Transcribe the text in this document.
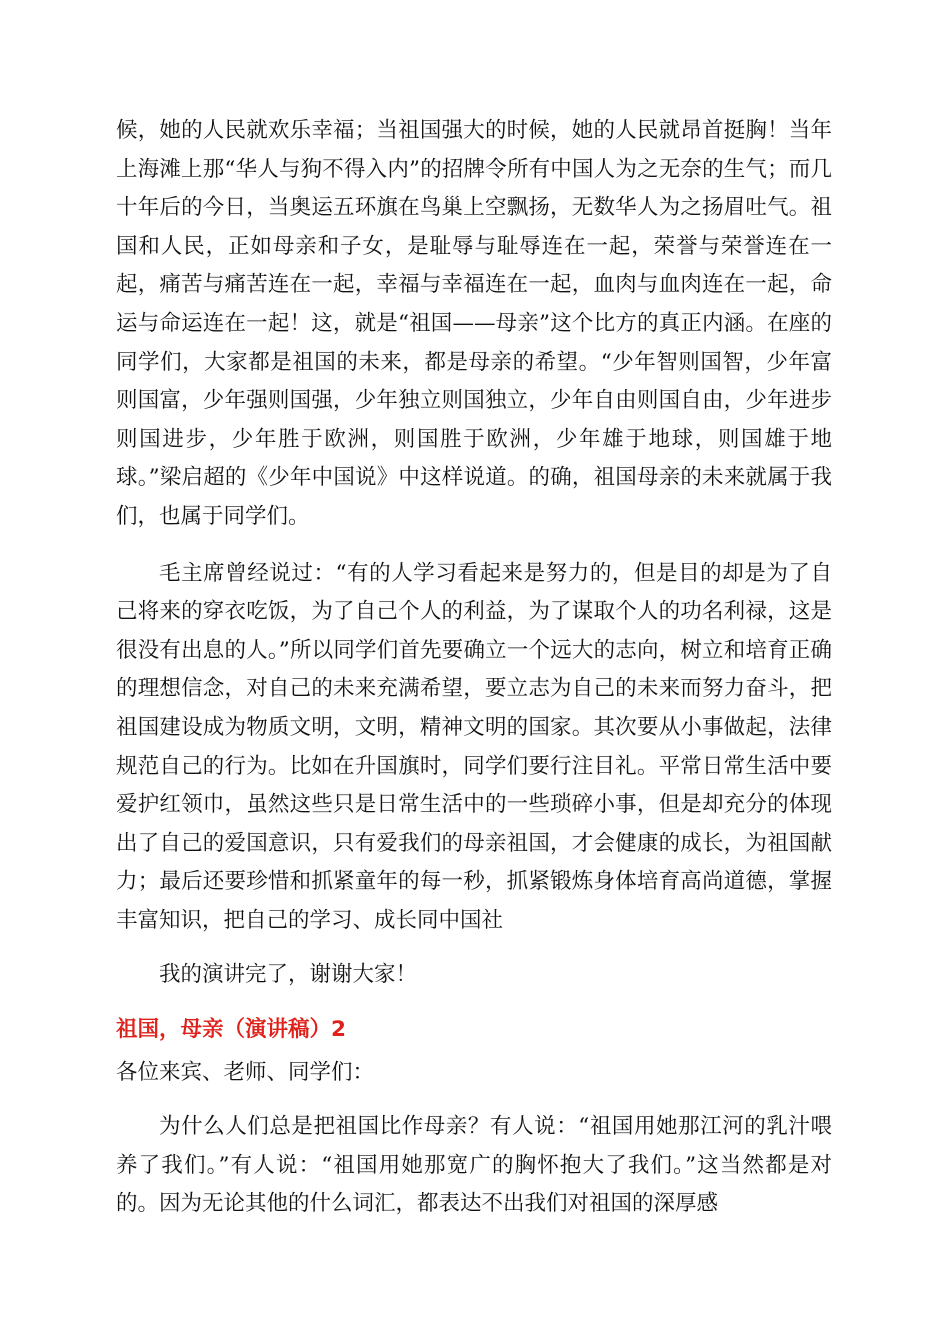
候，她的人民就欢乐幸福；当祖国强大的时候，她的人民就昂首挺胸！当年上海滩上那“华人与狗不得入内”的招牌令所有中国人为之无奈的生气；而几十年后的今日，当奥运五环旗在鸟巢上空飘扬，无数华人为之扬眉吐气。祖国和人民，正如母亲和子女，是耻辱与耻辱连在一起，荣誉与荣誉连在一起，痛苦与痛苦连在一起，幸福与幸福连在一起，血肉与血肉连在一起，命运与命运连在一起！这，就是“祖国——母亲”这个比方的真正内涵。在座的同学们，大家都是祖国的未来，都是母亲的希望。“少年智则国智，少年富则国富，少年强则国强，少年独立则国独立，少年自由则国自由，少年进步则国进步，少年胜于欧洲，则国胜于欧洲，少年雄于地球，则国雄于地球。”梁启超的《少年中国说》中这样说道。的确，祖国母亲的未来就属于我们，也属于同学们。

毛主席曾经说过：“有的人学习看起来是努力的，但是目的却是为了自己将来的穿衣吃饭，为了自己个人的利益，为了谋取个人的功名利禄，这是很没有出息的人。”所以同学们首先要确立一个远大的志向，树立和培育正确的理想信念，对自己的未来充满希望，要立志为自己的未来而努力奋斗，把祖国建设成为物质文明，文明，精神文明的国家。其次要从小事做起，法律规范自己的行为。比如在升国旗时，同学们要行注目礼。平常日常生活中要爱护红领巾，虽然这些只是日常生活中的一些琐碎小事，但是却充分的体现出了自己的爱国意识，只有爱我们的母亲祖国，才会健康的成长，为祖国献力；最后还要珍惜和抓紧童年的每一秒，抓紧锻炼身体培育高尚道德，掌握丰富知识，把自己的学习、成长同中国社

我的演讲完了，谢谢大家！

祖国，母亲（演讲稿）2

各位来宾、老师、同学们：

为什么人们总是把祖国比作母亲？有人说：“祖国用她那江河的乳汁喂养了我们。”有人说：“祖国用她那宽广的胸怀抱大了我们。”这当然都是对的。因为无论其他的什么词汇，都表达不出我们对祖国的深厚感
